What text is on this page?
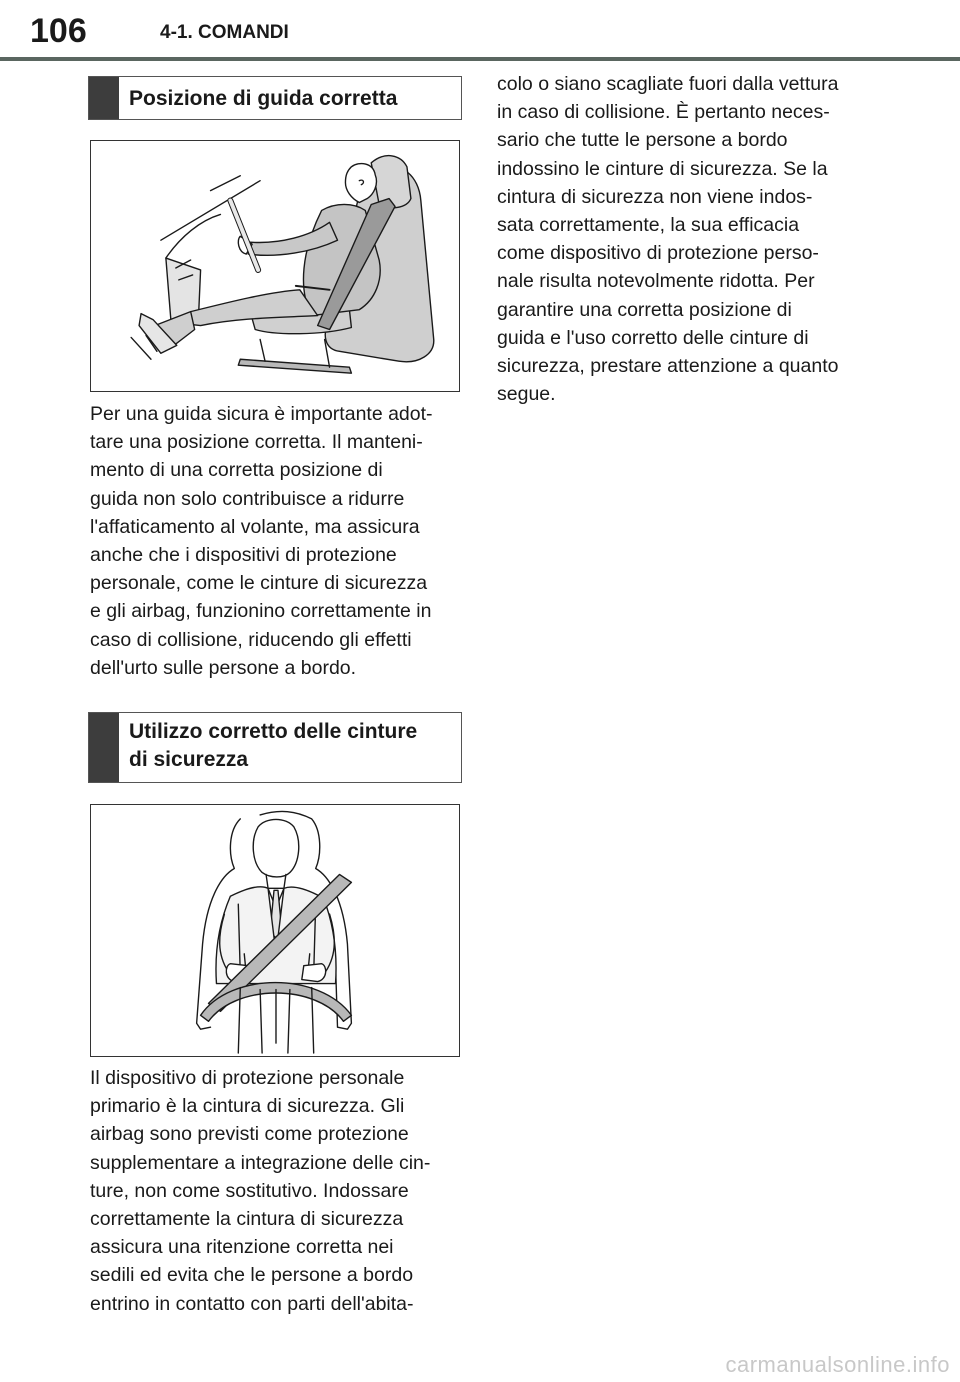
106	4-1. COMANDI
Posizione di guida corretta
Per una guida sicura è importante adot-
tare una posizione corretta. Il manteni-
mento di una corretta posizione di
guida non solo contribuisce a ridurre
l'affaticamento al volante, ma assicura
anche che i dispositivi di protezione
personale, come le cinture di sicurezza
e gli airbag, funzionino correttamente in
caso di collisione, riducendo gli effetti
dell'urto sulle persone a bordo.
Utilizzo corretto delle cinture
di sicurezza
Il dispositivo di protezione personale
primario è la cintura di sicurezza. Gli
airbag sono previsti come protezione
supplementare a integrazione delle cin-
ture, non come sostitutivo. Indossare
correttamente la cintura di sicurezza
assicura una ritenzione corretta nei
sedili ed evita che le persone a bordo
entrino in contatto con parti dell'abita-
colo o siano scagliate fuori dalla vettura
in caso di collisione. È pertanto neces-
sario che tutte le persone a bordo
indossino le cinture di sicurezza. Se la
cintura di sicurezza non viene indos-
sata correttamente, la sua efficacia
come dispositivo di protezione perso-
nale risulta notevolmente ridotta. Per
garantire una corretta posizione di
guida e l'uso corretto delle cinture di
sicurezza, prestare attenzione a quanto
segue.
carmanualsonline.info
